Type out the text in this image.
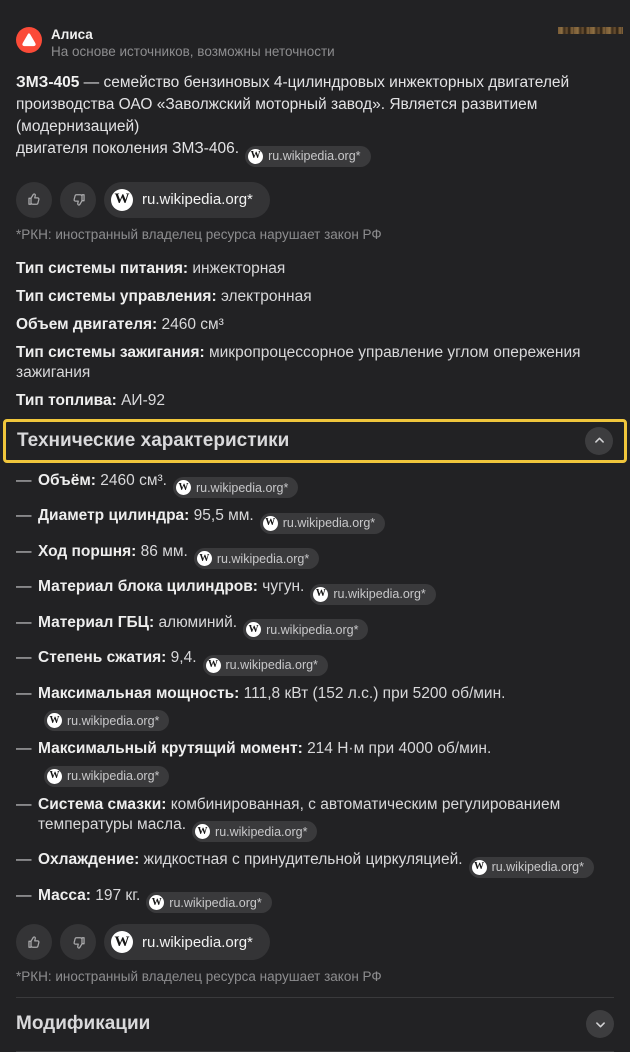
Алиса
На основе источников, возможны неточности
ЗМЗ-405 — семейство бензиновых 4-цилиндровых инжекторных двигателей
производства ОАО «Заволжский моторный завод». Является развитием (модернизацией)
двигателя поколения ЗМЗ-406. W ru.wikipedia.org*
W ru.wikipedia.org*
*РКН: иностранный владелец ресурса нарушает закон РФ
Тип системы питания: инжекторная
Тип системы управления: электронная
Объем двигателя: 2460 см³
Тип системы зажигания: микропроцессорное управление углом опережения зажигания
Тип топлива: АИ-92
Технические характеристики
— Объём: 2460 см³. W ru.wikipedia.org*
— Диаметр цилиндра: 95,5 мм. W ru.wikipedia.org*
— Ход поршня: 86 мм. W ru.wikipedia.org*
— Материал блока цилиндров: чугун. W ru.wikipedia.org*
— Материал ГБЦ: алюминий. W ru.wikipedia.org*
— Степень сжатия: 9,4. W ru.wikipedia.org*
— Максимальная мощность: 111,8 кВт (152 л.с.) при 5200 об/мин.
W ru.wikipedia.org*
— Максимальный крутящий момент: 214 Н·м при 4000 об/мин.
W ru.wikipedia.org*
— Система смазки: комбинированная, с автоматическим регулированием температуры масла. W ru.wikipedia.org*
— Охлаждение: жидкостная с принудительной циркуляцией. W ru.wikipedia.org*
— Масса: 197 кг. W ru.wikipedia.org*
W ru.wikipedia.org*
*РКН: иностранный владелец ресурса нарушает закон РФ
Модификации
